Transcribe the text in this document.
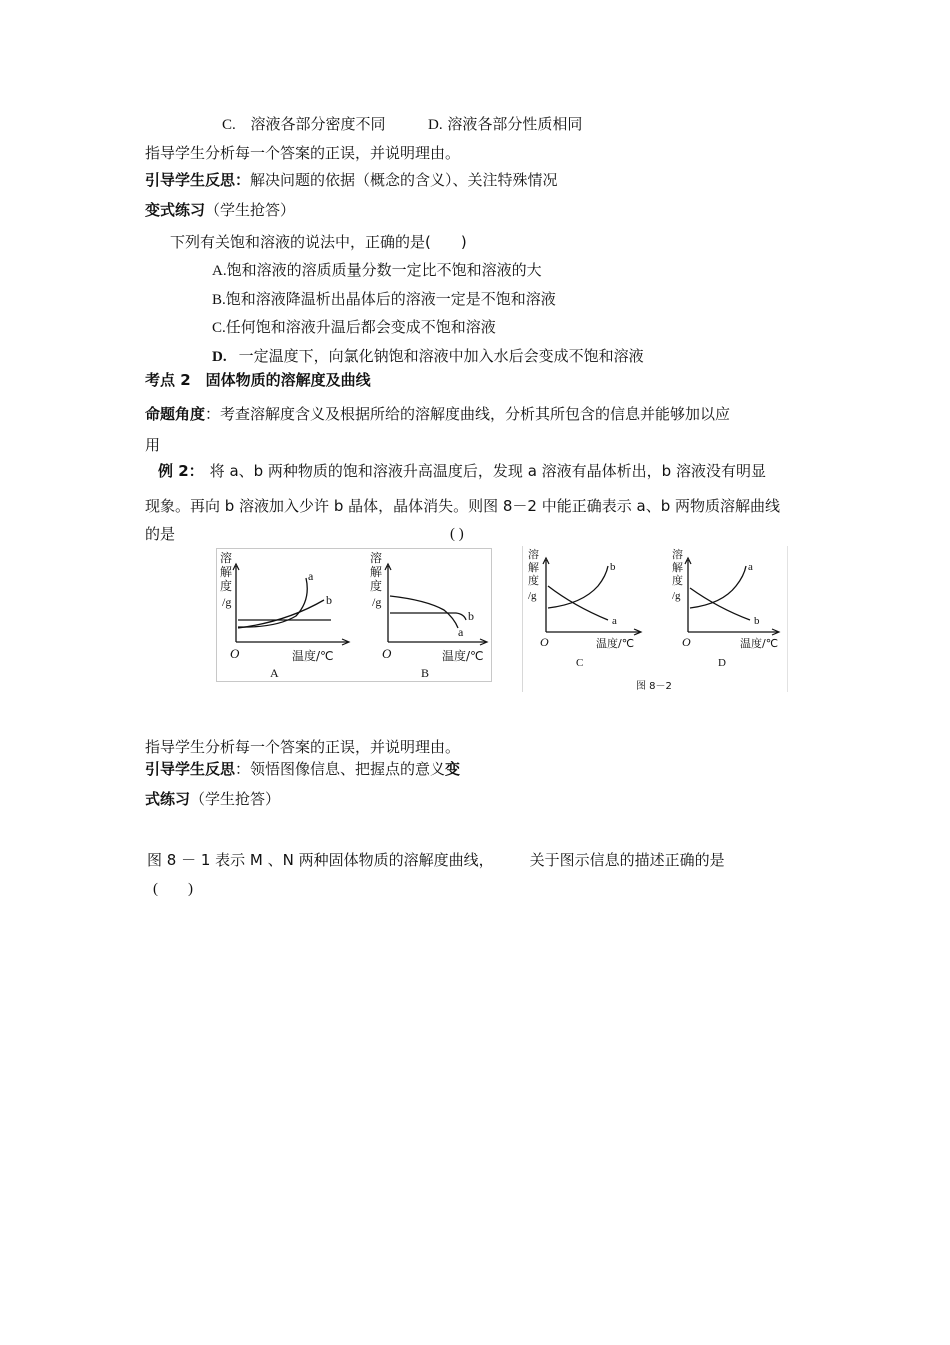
C. 溶液各部分密度不同	D. 溶液各部分性质相同
指导学生分析每一个答案的正误，并说明理由。
引导学生反思：解决问题的依据（概念的含义）、关注特殊情况
变式练习（学生抢答）
下列有关饱和溶液的说法中，正确的是(　　)
A.饱和溶液的溶质质量分数一定比不饱和溶液的大
B.饱和溶液降温析出晶体后的溶液一定是不饱和溶液
C.任何饱和溶液升温后都会变成不饱和溶液
D. 一定温度下，向氯化钠饱和溶液中加入水后会变成不饱和溶液
考点 2　固体物质的溶解度及曲线
命题角度：考查溶解度含义及根据所给的溶解度曲线，分析其所包含的信息并能够加以应
用
例 2： 将 a、b 两种物质的饱和溶液升高温度后，发现 a 溶液有晶体析出，b 溶液没有明显
现象。再向 b 溶液加入少许 b 晶体，晶体消失。则图 8－2 中能正确表示 a、b 两物质溶解曲线
的是	( )
溶
解
度
/g
a
b
O	温度/℃
A
溶
解
度
/g
b
a
O	温度/℃
B
溶
解
度
/g
b
a
O	温度/℃
C
溶
解
度
/g
a
b
O	温度/℃
D
图 8－2
指导学生分析每一个答案的正误，并说明理由。
引导学生反思：领悟图像信息、把握点的意义变
式练习（学生抢答）
图 8 － 1 表示 M 、N 两种固体物质的溶解度曲线， 关于图示信息的描述正确的是
(　　)
